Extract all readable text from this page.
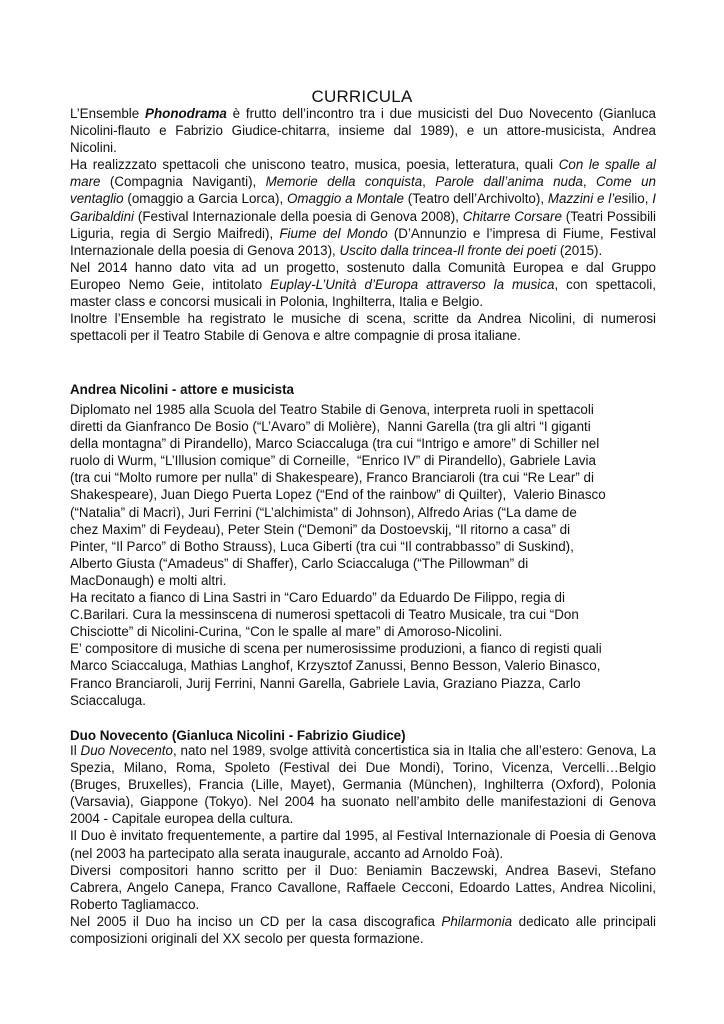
CURRICULA

L’Ensemble Phonodrama è frutto dell’incontro tra i due musicisti del Duo Novecento (Gianluca Nicolini-flauto e Fabrizio Giudice-chitarra, insieme dal 1989), e un attore-musicista, Andrea Nicolini.

Ha realizzzato spettacoli che uniscono teatro, musica, poesia, letteratura, quali Con le spalle al mare (Compagnia Naviganti), Memorie della conquista, Parole dall’anima nuda, Come un ventaglio (omaggio a Garcia Lorca), Omaggio a Montale (Teatro dell’Archivolto), Mazzini e l’esilio, I Garibaldini (Festival Internazionale della poesia di Genova 2008), Chitarre Corsare (Teatri Possibili Liguria, regia di Sergio Maifredi), Fiume del Mondo (D’Annunzio e l’impresa di Fiume, Festival Internazionale della poesia di Genova 2013), Uscito dalla trincea-Il fronte dei poeti (2015).

Nel 2014 hanno dato vita ad un progetto, sostenuto dalla Comunità Europea e dal Gruppo Europeo Nemo Geie, intitolato Euplay-L’Unità d’Europa attraverso la musica, con spettacoli, master class e concorsi musicali in Polonia, Inghilterra, Italia e Belgio.

Inoltre l’Ensemble ha registrato le musiche di scena, scritte da Andrea Nicolini, di numerosi spettacoli per il Teatro Stabile di Genova e altre compagnie di prosa italiane.

Andrea Nicolini - attore e musicista
Diplomato nel 1985 alla Scuola del Teatro Stabile di Genova, interpreta ruoli in spettacoli
diretti da Gianfranco De Bosio (“L’Avaro” di Molière),  Nanni Garella (tra gli altri “I giganti
della montagna” di Pirandello), Marco Sciaccaluga (tra cui “Intrigo e amore” di Schiller nel
ruolo di Wurm, “L’Illusion comique” di Corneille,  “Enrico IV” di Pirandello), Gabriele Lavia
(tra cui “Molto rumore per nulla” di Shakespeare), Franco Branciaroli (tra cui “Re Lear” di
Shakespeare), Juan Diego Puerta Lopez (“End of the rainbow” di Quilter),  Valerio Binasco
(“Natalia” di Macrì), Juri Ferrini (“L’alchimista” di Johnson), Alfredo Arias (“La dame de
chez Maxim” di Feydeau), Peter Stein (“Demoni” da Dostoevskij, “Il ritorno a casa” di
Pinter, “Il Parco” di Botho Strauss), Luca Giberti (tra cui “Il contrabbasso” di Suskind),
Alberto Giusta (“Amadeus” di Shaffer), Carlo Sciaccaluga (“The Pillowman” di
MacDonaugh) e molti altri.
Ha recitato a fianco di Lina Sastri in “Caro Eduardo” da Eduardo De Filippo, regia di
C.Barilari. Cura la messinscena di numerosi spettacoli di Teatro Musicale, tra cui “Don
Chisciotte” di Nicolini-Curina, “Con le spalle al mare” di Amoroso-Nicolini.
E’ compositore di musiche di scena per numerosissime produzioni, a fianco di registi quali
Marco Sciaccaluga, Mathias Langhof, Krzysztof Zanussi, Benno Besson, Valerio Binasco,
Franco Branciaroli, Jurij Ferrini, Nanni Garella, Gabriele Lavia, Graziano Piazza, Carlo
Sciaccaluga.
Duo Novecento (Gianluca Nicolini - Fabrizio Giudice)

Il Duo Novecento, nato nel 1989, svolge attività concertistica sia in Italia che all’estero: Genova, La Spezia, Milano, Roma, Spoleto (Festival dei Due Mondi), Torino, Vicenza, Vercelli…Belgio (Bruges, Bruxelles), Francia (Lille, Mayet), Germania (München), Inghilterra (Oxford), Polonia (Varsavia), Giappone (Tokyo). Nel 2004 ha suonato nell’ambito delle manifestazioni di Genova 2004 - Capitale europea della cultura.

Il Duo è invitato frequentemente, a partire dal 1995, al Festival Internazionale di Poesia di Genova (nel 2003 ha partecipato alla serata inaugurale, accanto ad Arnoldo Foà).

Diversi compositori hanno scritto per il Duo: Beniamin Baczewski, Andrea Basevi, Stefano Cabrera, Angelo Canepa, Franco Cavallone, Raffaele Cecconi, Edoardo Lattes, Andrea Nicolini, Roberto Tagliamacco.

Nel 2005 il Duo ha inciso un CD per la casa discografica Philarmonia dedicato alle principali composizioni originali del XX secolo per questa formazione.
